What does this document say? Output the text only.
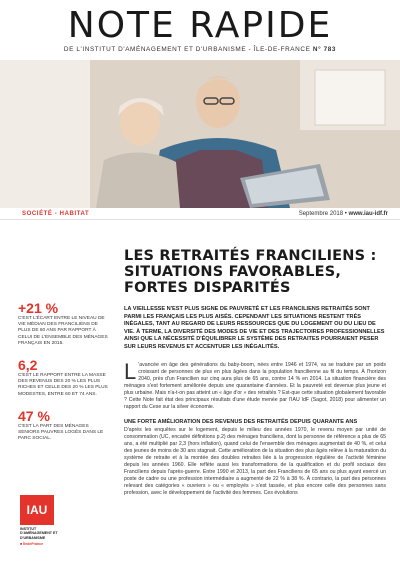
NOTE RAPIDE
DE L'INSTITUT D'AMÉNAGEMENT ET D'URBANISME - ÎLE-DE-FRANCE N° 783
SOCIÉTÉ - HABITAT	Septembre 2018 • www.iau-idf.fr
+21 %
C'EST L'ÉCART ENTRE LE NIVEAU DE VIE MÉDIAN DES FRANCILIENS DE PLUS DE 60 ANS PAR RAPPORT À CELUI DE L'ENSEMBLE DES MÉNAGES FRANÇAIS EN 2015.
6,2
C'EST LE RAPPORT ENTRE LA MASSE DES REVENUS DES 20 % LES PLUS RICHES ET CELLE DES 20 % LES PLUS MODESTES, ENTRE 60 ET 74 ANS.
47 %
C'EST LA PART DES MÉNAGES SENIORS PAUVRES LOGÉS DANS LE PARC SOCIAL.
IAU
INSTITUT D'AMÉNAGEMENT ET D'URBANISME
■ ÎledeFrance
LES RETRAITÉS FRANCILIENS :
SITUATIONS FAVORABLES,
FORTES DISPARITÉS

LA VIEILLESSE N'EST PLUS SIGNE DE PAUVRETÉ ET LES FRANCILIENS RETRAITÉS SONT PARMI LES FRANÇAIS LES PLUS AISÉS. CEPENDANT LES SITUATIONS RESTENT TRÈS INÉGALES, TANT AU REGARD DE LEURS RESSOURCES QUE DU LOGEMENT OU DU LIEU DE VIE. À TERME, LA DIVERSITÉ DES MODES DE VIE ET DES TRAJECTOIRES PROFESSIONNELLES AINSI QUE LA NÉCESSITÉ D'ÉQUILIBRER LE SYSTÈME DES RETRAITES POURRAIENT PESER SUR LEURS REVENUS ET ACCENTUER LES INÉGALITÉS.

L 'avancée en âge des générations du baby-boom, nées entre 1946 et 1974, va se traduire par un poids croissant de personnes de plus en plus âgées dans la population francilienne au fil du temps. À l'horizon 2040, près d'un Francilien sur cinq aura plus de 65 ans, contre 14 % en 2014. La situation financière des ménages s'est fortement améliorée depuis une quarantaine d'années. Et la pauvreté est devenue plus jeune et plus urbaine. Mais n'a-t-on pas atteint un « âge d'or » des retraités ? Est-que cette situation globalement favorable ? Cette Note fait état des principaux résultats d'une étude menée par l'IAU îdF (Sagot, 2018) pour alimenter un rapport du Cese sur la silver économie.

UNE FORTE AMÉLIORATION DES REVENUS DES RETRAITÉS DEPUIS QUARANTE ANS

D'après les enquêtes sur le logement, depuis le milieu des années 1970, le revenu moyen par unité de consommation (UC, encadré définitions p.2) des ménages franciliens, dont la personne de référence a plus de 65 ans, a été multiplié par 2,3 (hors inflation), quand celui de l'ensemble des ménages augmentait de 40 %, et celui des jeunes de moins de 30 ans stagnait. Cette amélioration de la situation des plus âgés relève à la maturation du système de retraite et à la montée des doubles retraites liée à la progression régulière de l'activité féminine depuis les années 1960. Elle reflète aussi les transformations de la qualification et du profil sociaux des Franciliens depuis l'après-guerre. Entre 1990 et 2013, la part des Franciliens de 65 ans ou plus ayant exercé un poste de cadre ou une profession intermédiaire a augmenté de 22 % à 38 %. À contrario, la part des personnes relevant des catégories « ouvriers » ou « employés » s'est tassée, et plus encore celle des personnes sans profession, avec le développement de l'activité des femmes. Ces évolutions
